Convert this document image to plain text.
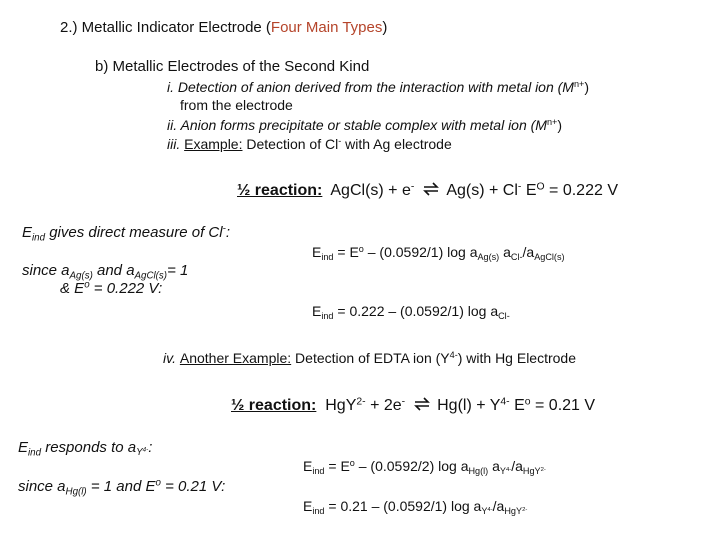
2.) Metallic Indicator Electrode (Four Main Types)
b) Metallic Electrodes of the Second Kind
i. Detection of anion derived from the interaction with metal ion $(M^{n+})$
from the electrode
ii. Anion forms precipitate or stable complex with metal ion $(M^{n+})$
iii. Example: Detection of Cl- with Ag electrode
½ reaction: AgCl(s) + e- ⇌ Ag(s) + Cl- $E^O = 0.222$ V
$E_{ind}$ gives direct measure of Cl-:
$E_{ind} = E^o - (0.0592/1)$ $\log a_{Ag(s)}$ $a_{Cl-}/a_{AgCl(s)}$
since $a_{Ag(s)}$ and $a_{AgCl(s)}= 1$
& $E^o = 0.222$ V:
$E_{ind} = 0.222 - (0.0592/1)$ $\log a_{Cl-}$
iv. Another Example: Detection of EDTA ion $(Y^{4-})$ with Hg Electrode
½ reaction: HgY$^{2-}$ + 2e- ⇌ $Hg(l) + Y^{4-}$ $E^o = 0.21$ V
$E_{ind}$ responds to $a_{Y^{4-}}$:
$E_{ind} = E^o - (0.0592/2)$ $\log a_{Hg(l)}$ $a_{Y^{4-}}/a_{HgY^{2-}}$
since $a_{Hg(l)} = 1$ and $E^o = 0.21$ V:
$E_{ind} = 0.21 - (0.0592/1)$ $\log a_{Y^{4-}}/a_{HgY^{2-}}$
